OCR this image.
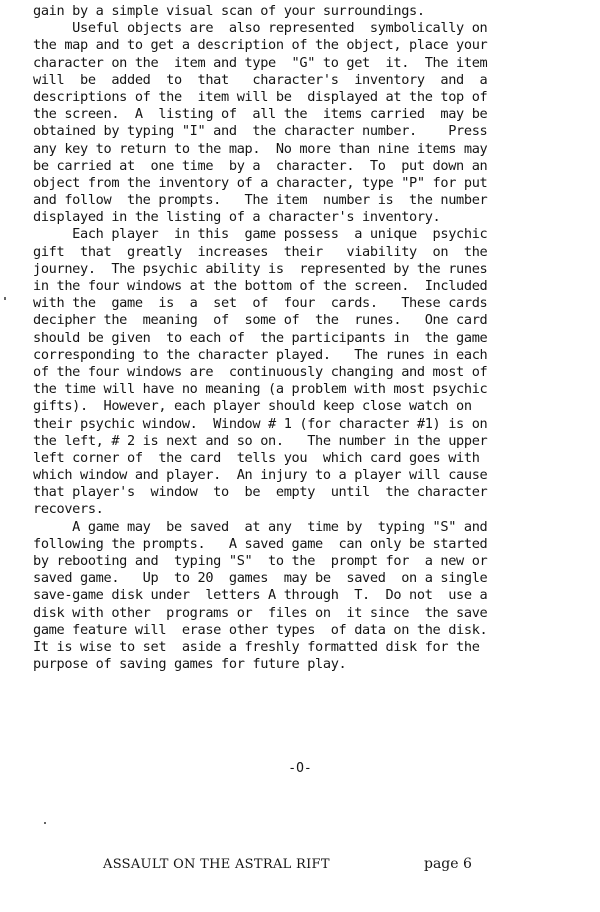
gain by a simple visual scan of your surroundings.
Useful objects are  also represented  symbolically on
the map and to get a description of the object, place your
character on the  item and type  "G" to get  it.  The item
will  be  added  to  that   character's  inventory  and  a
descriptions of the  item will be  displayed at the top of
the screen.  A  listing of  all the  items carried  may be
obtained by typing "I" and  the character number.    Press
any key to return to the map.  No more than nine items may
be carried at  one time  by a  character.  To  put down an
object from the inventory of a character, type "P" for put
and follow  the prompts.   The item  number is  the number
displayed in the listing of a character's inventory.
Each player  in this  game possess  a unique  psychic
gift  that  greatly  increases  their   viability  on  the
journey.  The psychic ability is  represented by the runes
in the four windows at the bottom of the screen.  Included
with the  game  is  a  set  of  four  cards.   These cards
decipher the  meaning  of  some of  the  runes.   One card
should be given  to each of  the participants in  the game
corresponding to the character played.   The runes in each
of the four windows are  continuously changing and most of
the time will have no meaning (a problem with most psychic
gifts).  However, each player should keep close watch on
their psychic window.  Window # 1 (for character #1) is on
the left, # 2 is next and so on.   The number in the upper
left corner of  the card  tells you  which card goes with
which window and player.  An injury to a player will cause
that player's  window  to  be  empty  until  the character
recovers.
A game may  be saved  at any  time by  typing "S" and
following the prompts.   A saved game  can only be started
by rebooting and  typing "S"  to the  prompt for  a new or
saved game.   Up  to 20  games  may be  saved  on a single
save-game disk under  letters A through  T.  Do not  use a
disk with other  programs or  files on  it since  the save
game feature will  erase other types  of data on the disk.
It is wise to set  aside a freshly formatted disk for the
purpose of saving games for future play.
-O-
ASSAULT ON THE ASTRAL RIFT	page 6
